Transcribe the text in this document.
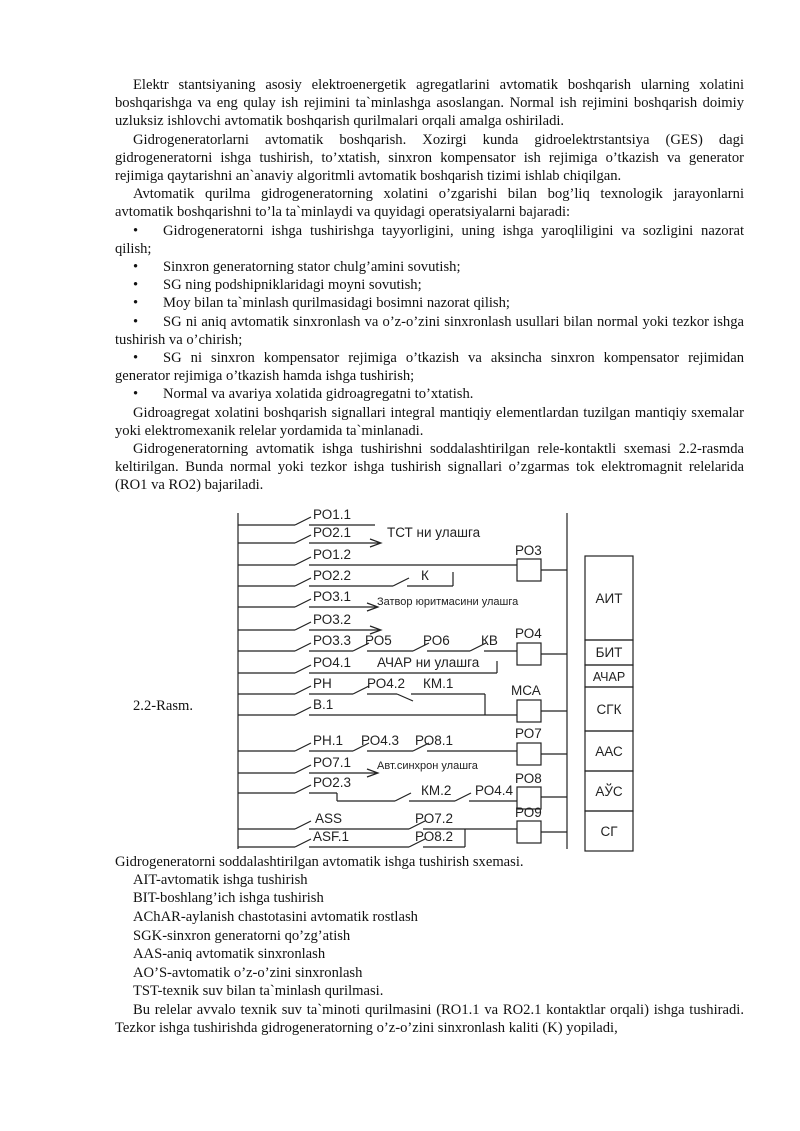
Elektr stantsiyaning asosiy elektroenergetik agregatlarini avtomatik boshqarish ularning xolatini boshqarishga va eng qulay ish rejimini ta`minlashga asoslangan. Normal ish rejimini boshqarish doimiy uzluksiz ishlovchi avtomatik boshqarish qurilmalari orqali amalga oshiriladi.

Gidrogeneratorlarni avtomatik boshqarish. Xozirgi kunda gidroelektrstantsiya (GES) dagi gidrogeneratorni ishga tushirish, to’xtatish, sinxron kompensator ish rejimiga o’tkazish va generator rejimiga qaytarishni an`anaviy algoritmli avtomatik boshqarish tizimi ishlab chiqilgan.

Avtomatik qurilma gidrogeneratorning xolatini o’zgarishi bilan bog’liq texnologik jarayonlarni avtomatik boshqarishni to’la ta`minlaydi va quyidagi operatsiyalarni bajaradi:

• Gidrogeneratorni ishga tushirishga tayyorligini, uning ishga yaroqliligini va sozligini nazorat qilish;

• Sinxron generatorning stator chulg’amini sovutish;

• SG ning podshipniklaridagi moyni sovutish;

• Moy bilan ta`minlash qurilmasidagi bosimni nazorat qilish;

• SG ni aniq avtomatik sinxronlash va o’z-o’zini sinxronlash usullari bilan normal yoki tezkor ishga tushirish va o’chirish;

• SG ni sinxron kompensator rejimiga o’tkazish va aksincha sinxron kompensator rejimidan generator rejimiga o’tkazish hamda ishga tushirish;

• Normal va avariya xolatida gidroagregatni to’xtatish.

Gidroagregat xolatini boshqarish signallari integral mantiqiy elementlardan tuzilgan mantiqiy sxemalar yoki elektromexanik relelar yordamida ta`minlanadi.

Gidrogeneratorning avtomatik ishga tushirishni soddalashtirilgan rele-kontaktli sxemasi 2.2-rasmda keltirilgan. Bunda normal yoki tezkor ishga tushirish signallari o’zgarmas tok elektromagnit relelarida (RO1 va RO2) bajariladi.

2.2-Rasm.
РО1.1
РО2.1
РО1.2
РО2.2
РО3.1
РО3.2
РО3.3 РО5 РО6 КВ
РО4.1
РН	РО4.2 КМ.1
В.1
РН.1 РО4.3 РО8.1
РО7.1
РО2.3
КМ.2 РО4.4
ASS	РО7.2
ASF.1	РО8.2
ТСТ ни улашга
К
Затвор юритмасини улашга
АЧАР ни улашга
Авт.синхрон улашга
РО3
РО4
МСА
РО7
РО8
РО9
АИТ
БИТ
АЧАР
СГК
ААС
АЎС
СГ

Gidrogeneratorni soddalashtirilgan avtomatik ishga tushirish sxemasi.

AIT-avtomatik ishga tushirish

BIT-boshlang’ich ishga tushirish

AChAR-aylanish chastotasini avtomatik rostlash

SGK-sinxron generatorni qo’zg’atish

AAS-aniq avtomatik sinxronlash

AO’S-avtomatik o’z-o’zini sinxronlash

TST-texnik suv bilan ta`minlash qurilmasi.

Bu relelar avvalo texnik suv ta`minoti qurilmasini (RO1.1 va RO2.1 kontaktlar orqali) ishga tushiradi. Tezkor ishga tushirishda gidrogeneratorning o’z-o’zini sinxronlash kaliti (K) yopiladi,
